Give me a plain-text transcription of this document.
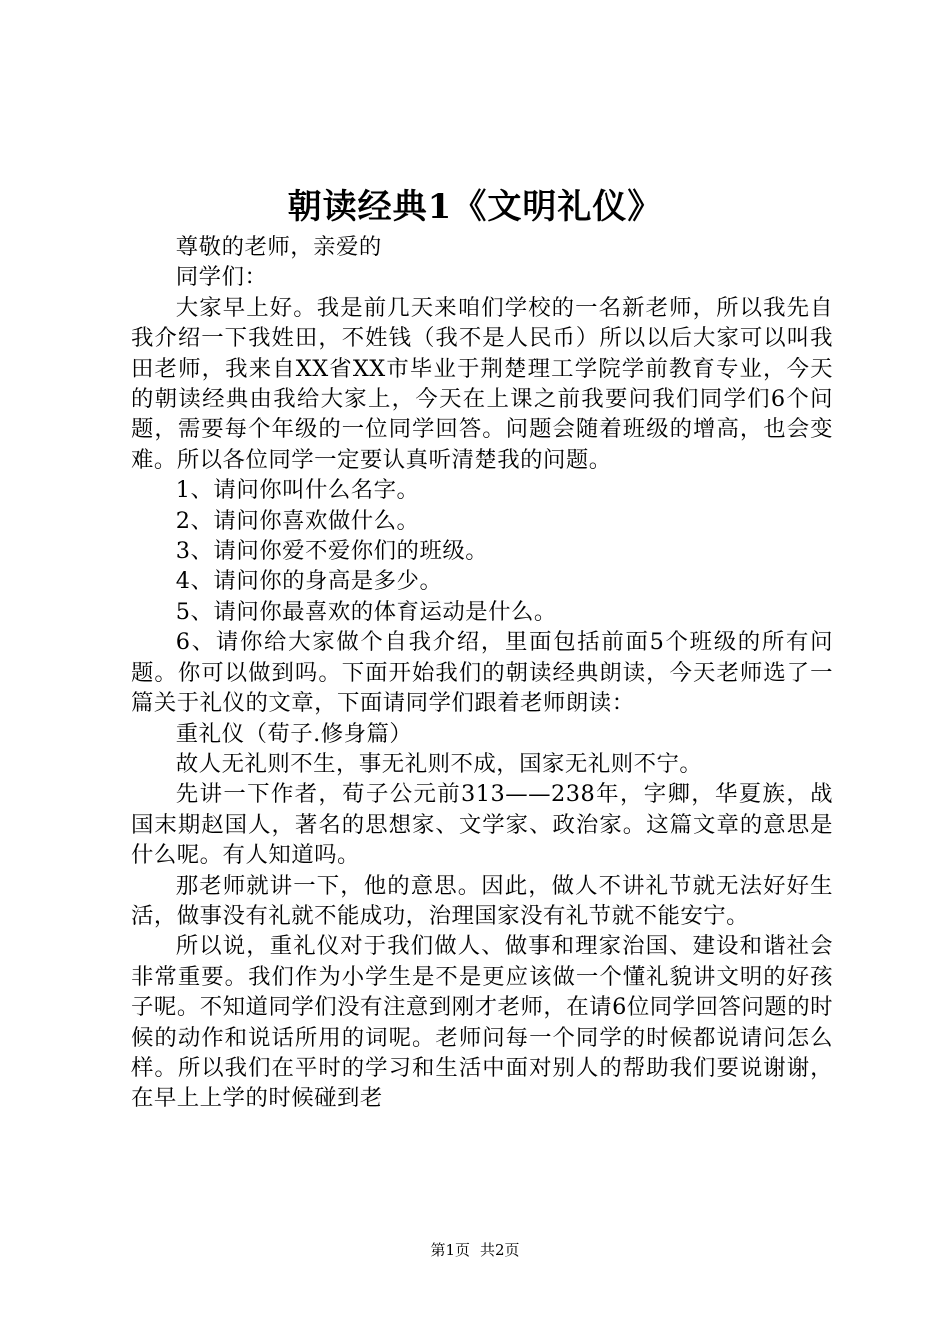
朝读经典1《文明礼仪》

尊敬的老师，亲爱的

同学们：

大家早上好。我是前几天来咱们学校的一名新老师，所以我先自我介绍一下我姓田，不姓钱（我不是人民币）所以以后大家可以叫我田老师，我来自XX省XX市毕业于荆楚理工学院学前教育专业，今天的朝读经典由我给大家上，今天在上课之前我要问我们同学们6个问题，需要每个年级的一位同学回答。问题会随着班级的增高，也会变难。所以各位同学一定要认真听清楚我的问题。

1、请问你叫什么名字。

2、请问你喜欢做什么。

3、请问你爱不爱你们的班级。

4、请问你的身高是多少。

5、请问你最喜欢的体育运动是什么。

6、请你给大家做个自我介绍，里面包括前面5个班级的所有问题。你可以做到吗。下面开始我们的朝读经典朗读，今天老师选了一篇关于礼仪的文章，下面请同学们跟着老师朗读：

重礼仪（荀子.修身篇）

故人无礼则不生，事无礼则不成，国家无礼则不宁。

先讲一下作者，荀子公元前313——238年，字卿，华夏族，战国末期赵国人，著名的思想家、文学家、政治家。这篇文章的意思是什么呢。有人知道吗。

那老师就讲一下，他的意思。因此，做人不讲礼节就无法好好生活，做事没有礼就不能成功，治理国家没有礼节就不能安宁。

所以说，重礼仪对于我们做人、做事和理家治国、建设和谐社会非常重要。我们作为小学生是不是更应该做一个懂礼貌讲文明的好孩子呢。不知道同学们没有注意到刚才老师，在请6位同学回答问题的时候的动作和说话所用的词呢。老师问每一个同学的时候都说请问怎么样。所以我们在平时的学习和生活中面对别人的帮助我们要说谢谢，在早上上学的时候碰到老

第1页 共2页
